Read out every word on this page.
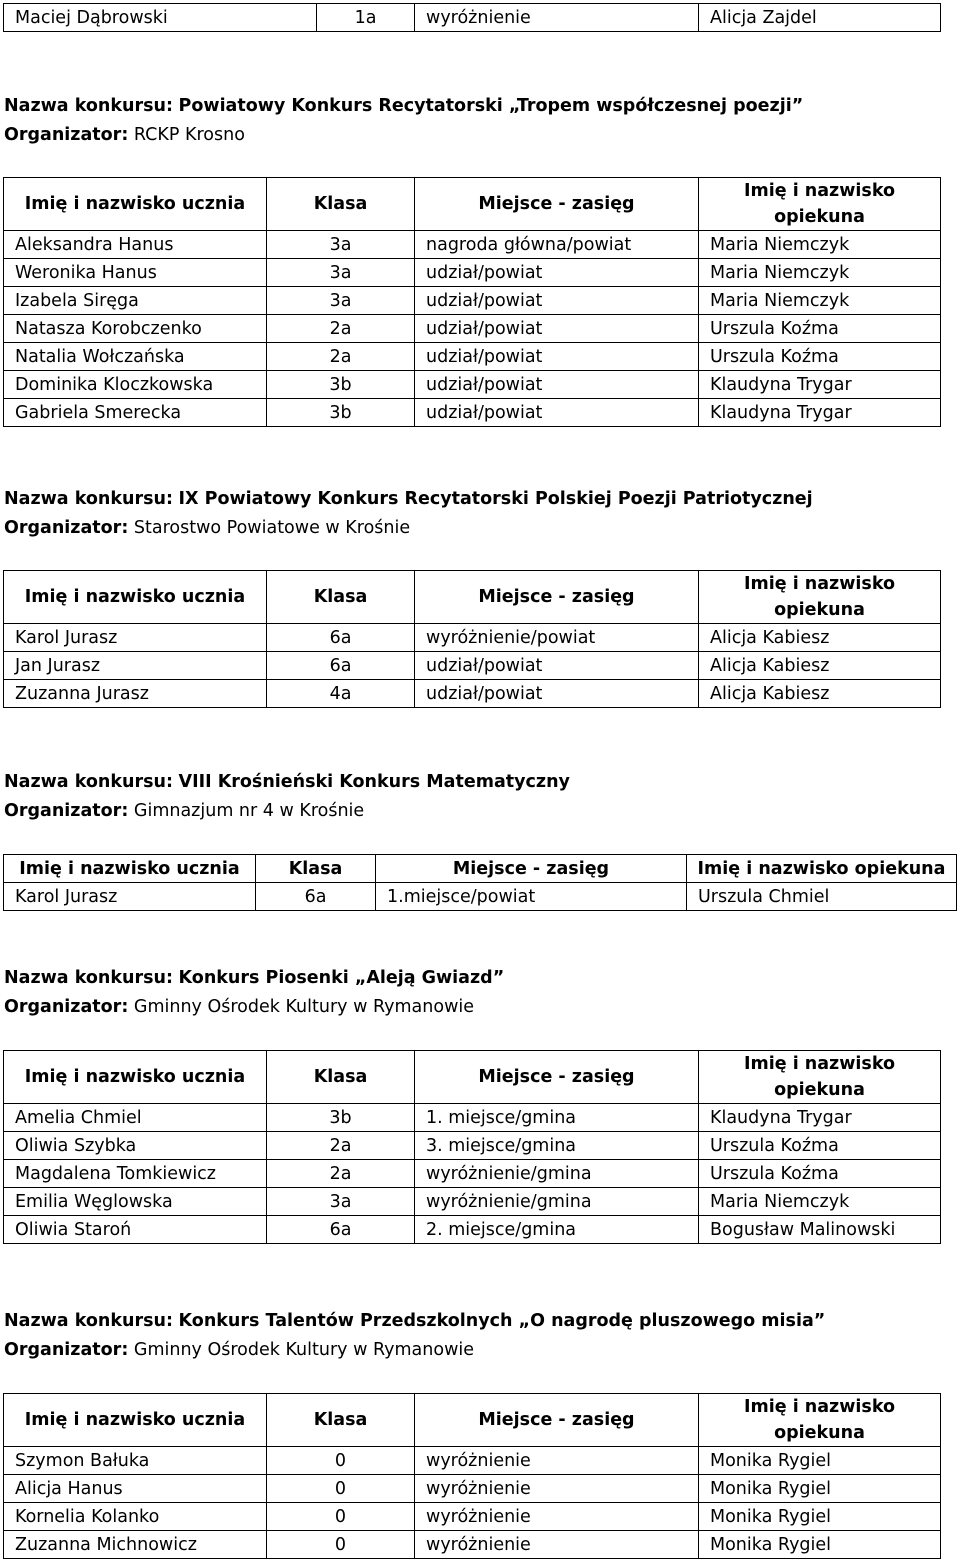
Maciej Dąbrowski	1a	wyróżnienie	Alicja Zajdel
Nazwa konkursu: Powiatowy Konkurs Recytatorski „Tropem współczesnej poezji”
Organizator: RCKP Krosno
Imię i nazwisko ucznia	Klasa	Miejsce - zasięg	Imię i nazwisko opiekuna
Aleksandra Hanus	3a	nagroda główna/powiat	Maria Niemczyk
Weronika Hanus	3a	udział/powiat	Maria Niemczyk
Izabela Siręga	3a	udział/powiat	Maria Niemczyk
Natasza Korobczenko	2a	udział/powiat	Urszula Koźma
Natalia Wołczańska	2a	udział/powiat	Urszula Koźma
Dominika Kloczkowska	3b	udział/powiat	Klaudyna Trygar
Gabriela Smerecka	3b	udział/powiat	Klaudyna Trygar
Nazwa konkursu: IX Powiatowy Konkurs Recytatorski Polskiej Poezji Patriotycznej
Organizator: Starostwo Powiatowe w Krośnie
Imię i nazwisko ucznia	Klasa	Miejsce - zasięg	Imię i nazwisko opiekuna
Karol Jurasz	6a	wyróżnienie/powiat	Alicja Kabiesz
Jan Jurasz	6a	udział/powiat	Alicja Kabiesz
Zuzanna Jurasz	4a	udział/powiat	Alicja Kabiesz
Nazwa konkursu: VIII Krośnieński Konkurs Matematyczny
Organizator: Gimnazjum nr 4 w Krośnie
Imię i nazwisko ucznia	Klasa	Miejsce - zasięg	Imię i nazwisko opiekuna
Karol Jurasz	6a	1.miejsce/powiat	Urszula Chmiel
Nazwa konkursu: Konkurs Piosenki „Aleją Gwiazd”
Organizator: Gminny Ośrodek Kultury w Rymanowie
Imię i nazwisko ucznia	Klasa	Miejsce - zasięg	Imię i nazwisko opiekuna
Amelia Chmiel	3b	1. miejsce/gmina	Klaudyna Trygar
Oliwia Szybka	2a	3. miejsce/gmina	Urszula Koźma
Magdalena Tomkiewicz	2a	wyróżnienie/gmina	Urszula Koźma
Emilia Węglowska	3a	wyróżnienie/gmina	Maria Niemczyk
Oliwia Staroń	6a	2. miejsce/gmina	Bogusław Malinowski
Nazwa konkursu: Konkurs Talentów Przedszkolnych „O nagrodę pluszowego misia”
Organizator: Gminny Ośrodek Kultury w Rymanowie
Imię i nazwisko ucznia	Klasa	Miejsce - zasięg	Imię i nazwisko opiekuna
Szymon Bałuka	0	wyróżnienie	Monika Rygiel
Alicja Hanus	0	wyróżnienie	Monika Rygiel
Kornelia Kolanko	0	wyróżnienie	Monika Rygiel
Zuzanna Michnowicz	0	wyróżnienie	Monika Rygiel
